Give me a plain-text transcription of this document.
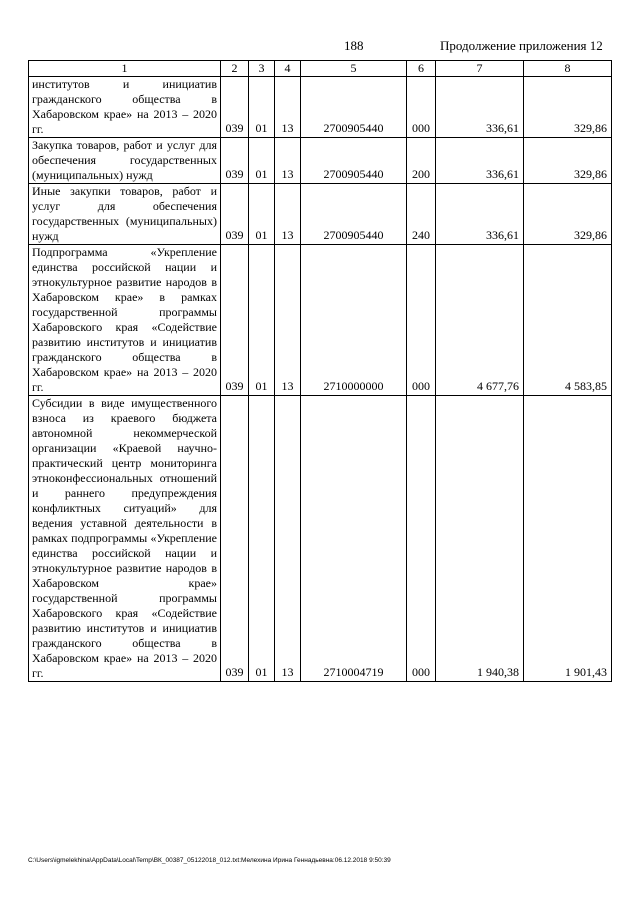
188	Продолжение приложения 12
1	2	3	4	5	6	7	8
институтов и инициатив гражданского общества в Хабаровском крае» на 2013 – 2020 гг.	039	01	13	2700905440	000	336,61	329,86
Закупка товаров, работ и услуг для обеспечения государственных (муниципальных) нужд	039	01	13	2700905440	200	336,61	329,86
Иные закупки товаров, работ и услуг для обеспечения государственных (муниципальных) нужд	039	01	13	2700905440	240	336,61	329,86
Подпрограмма «Укрепление единства российской нации и этнокультурное развитие народов в Хабаровском крае» в рамках государственной программы Хабаровского края «Содействие развитию институтов и инициатив гражданского общества в Хабаровском крае» на 2013 – 2020 гг.	039	01	13	2710000000	000	4 677,76	4 583,85
Субсидии в виде имущественного взноса из краевого бюджета автономной некоммерческой организации «Краевой научно-практический центр мониторинга этноконфессиональных отношений и раннего предупреждения конфликтных ситуаций» для ведения уставной деятельности в рамках подпрограммы «Укрепление единства российской нации и этнокультурное развитие народов в Хабаровском крае» государственной программы Хабаровского края «Содействие развитию институтов и инициатив гражданского общества в Хабаровском крае» на 2013 – 2020 гг.	039	01	13	2710004719	000	1 940,38	1 901,43
C:\Users\igmelekhina\AppData\Local\Temp\ВК_00387_05122018_012.txt:Мелехина Ирина Геннадьевна:06.12.2018 9:50:39
